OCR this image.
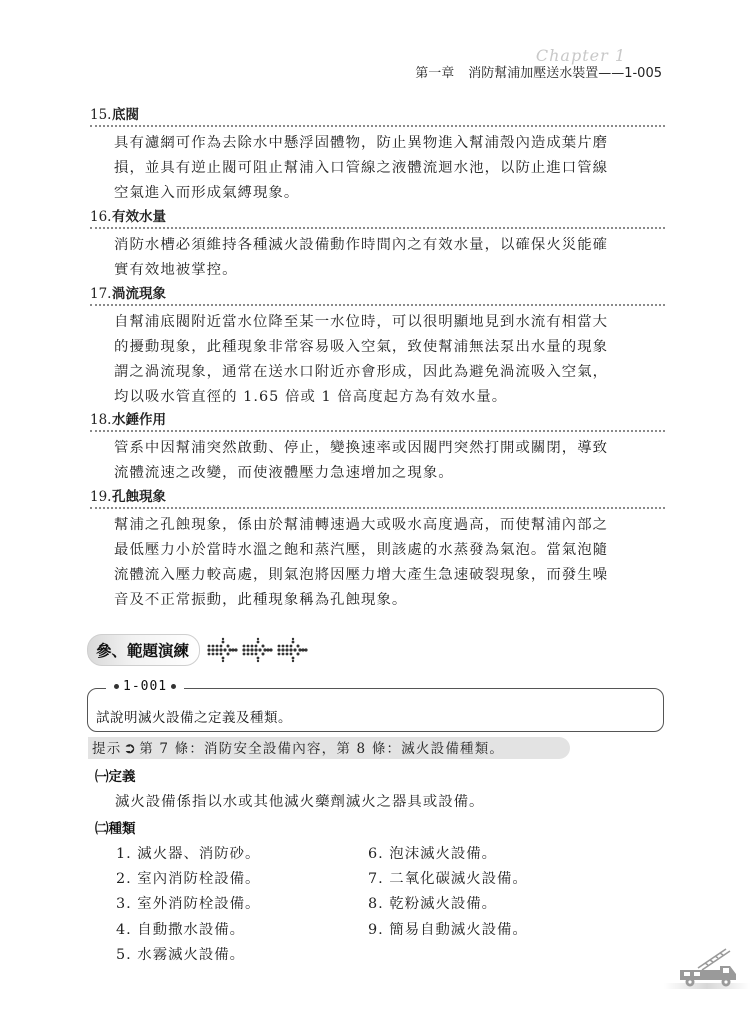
Chapter 1
第一章 消防幫浦加壓送水裝置——1-005
15.底閥
具有濾網可作為去除水中懸浮固體物，防止異物進入幫浦殼內造成葉片磨
損，並具有逆止閥可阻止幫浦入口管線之液體流迴水池，以防止進口管線
空氣進入而形成氣縛現象。
16.有效水量
消防水槽必須維持各種滅火設備動作時間內之有效水量，以確保火災能確
實有效地被掌控。
17.渦流現象
自幫浦底閥附近當水位降至某一水位時，可以很明顯地見到水流有相當大
的擾動現象，此種現象非常容易吸入空氣，致使幫浦無法泵出水量的現象
謂之渦流現象，通常在送水口附近亦會形成，因此為避免渦流吸入空氣，
均以吸水管直徑的 1.65 倍或 1 倍高度起方為有效水量。
18.水錘作用
管系中因幫浦突然啟動、停止，變換速率或因閥門突然打開或關閉，導致
流體流速之改變，而使液體壓力急速增加之現象。
19.孔蝕現象
幫浦之孔蝕現象，係由於幫浦轉速過大或吸水高度過高，而使幫浦內部之
最低壓力小於當時水溫之飽和蒸汽壓，則該處的水蒸發為氣泡。當氣泡隨
流體流入壓力較高處，則氣泡將因壓力增大產生急速破裂現象，而發生噪
音及不正常振動，此種現象稱為孔蝕現象。
參、範題演練
1-001
試說明滅火設備之定義及種類。
提示 ➲ 第 7 條：消防安全設備內容，第 8 條：滅火設備種類。
㈠定義
滅火設備係指以水或其他滅火藥劑滅火之器具或設備。
㈡種類
1. 滅火器、消防砂。
2. 室內消防栓設備。
3. 室外消防栓設備。
4. 自動撒水設備。
5. 水霧滅火設備。
6. 泡沫滅火設備。
7. 二氧化碳滅火設備。
8. 乾粉滅火設備。
9. 簡易自動滅火設備。
